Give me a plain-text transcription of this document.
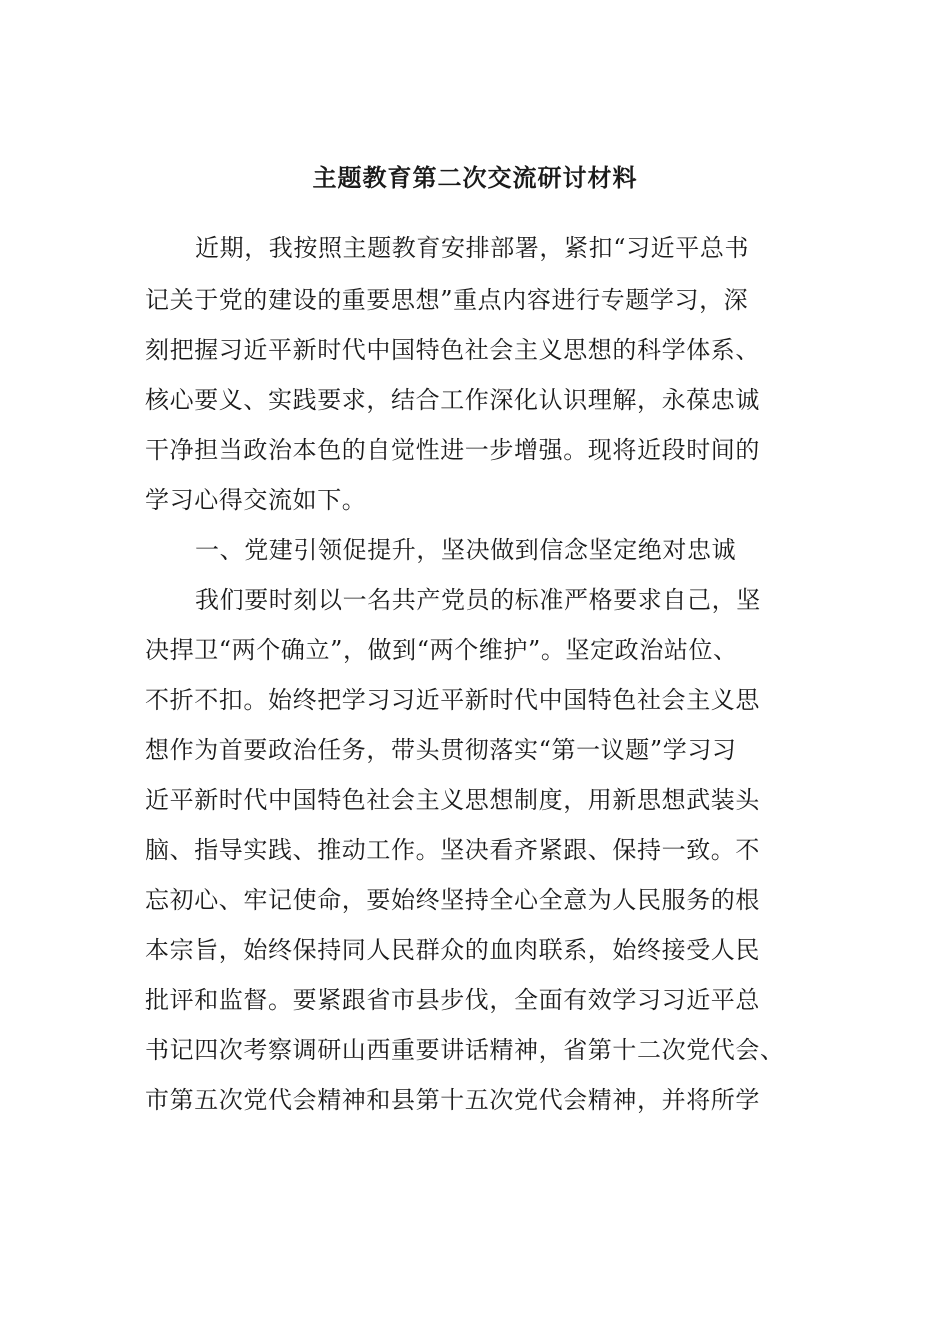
主题教育第二次交流研讨材料

近期，我按照主题教育安排部署，紧扣“习近平总书

记关于党的建设的重要思想”重点内容进行专题学习，深

刻把握习近平新时代中国特色社会主义思想的科学体系、

核心要义、实践要求，结合工作深化认识理解，永葆忠诚

干净担当政治本色的自觉性进一步增强。现将近段时间的

学习心得交流如下。

一、党建引领促提升，坚决做到信念坚定绝对忠诚

我们要时刻以一名共产党员的标准严格要求自己，坚

决捍卫“两个确立”，做到“两个维护”。坚定政治站位、

不折不扣。始终把学习习近平新时代中国特色社会主义思

想作为首要政治任务，带头贯彻落实“第一议题”学习习

近平新时代中国特色社会主义思想制度，用新思想武装头

脑、指导实践、推动工作。坚决看齐紧跟、保持一致。不

忘初心、牢记使命，要始终坚持全心全意为人民服务的根

本宗旨，始终保持同人民群众的血肉联系，始终接受人民

批评和监督。要紧跟省市县步伐，全面有效学习习近平总

书记四次考察调研山西重要讲话精神，省第十二次党代会、

市第五次党代会精神和县第十五次党代会精神，并将所学
